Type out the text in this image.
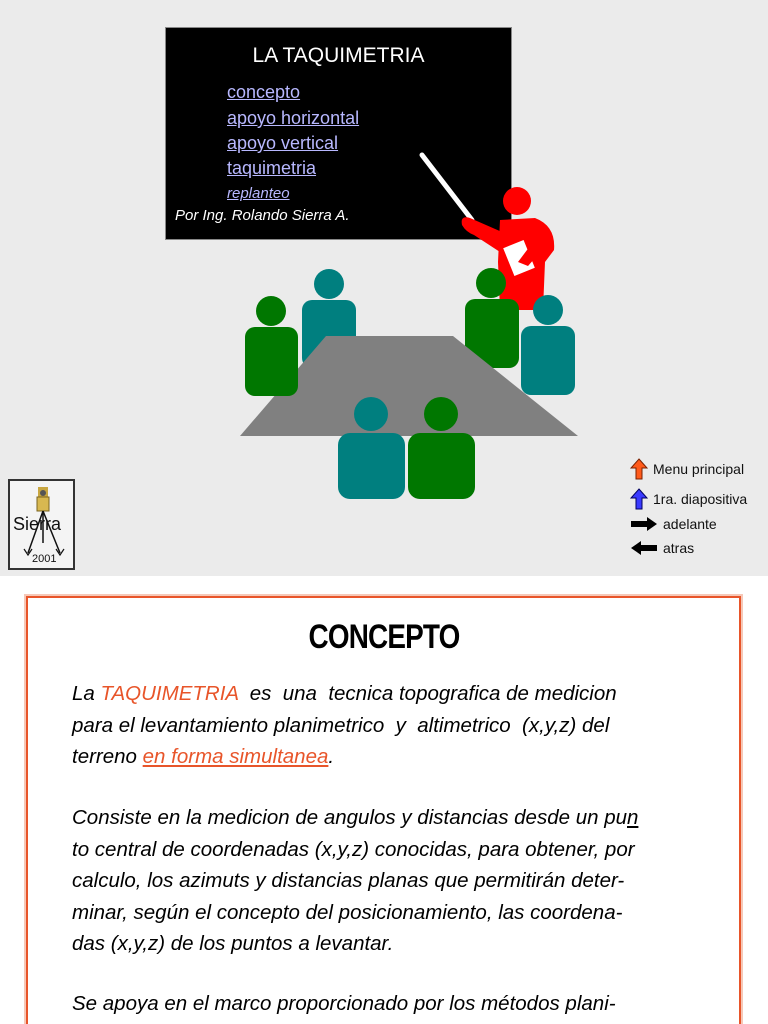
LA TAQUIMETRIA
concepto
apoyo horizontal
apoyo vertical
taquimetria
replanteo
Por Ing. Rolando Sierra A.
Sierra
2001
Menu principal
1ra. diapositiva
adelante
atras
CONCEPTO
La TAQUIMETRIA  es  una  tecnica topografica de medicion
para el levantamiento planimetrico  y  altimetrico  (x,y,z) del
terreno en forma simultanea.
Consiste en la medicion de angulos y distancias desde un pun
to central de coordenadas (x,y,z) conocidas, para obtener, por
calculo, los azimuts y distancias planas que permitirán deter-
minar, según el concepto del posicionamiento, las coordena-
das (x,y,z) de los puntos a levantar.
Se apoya en el marco proporcionado por los métodos plani-
